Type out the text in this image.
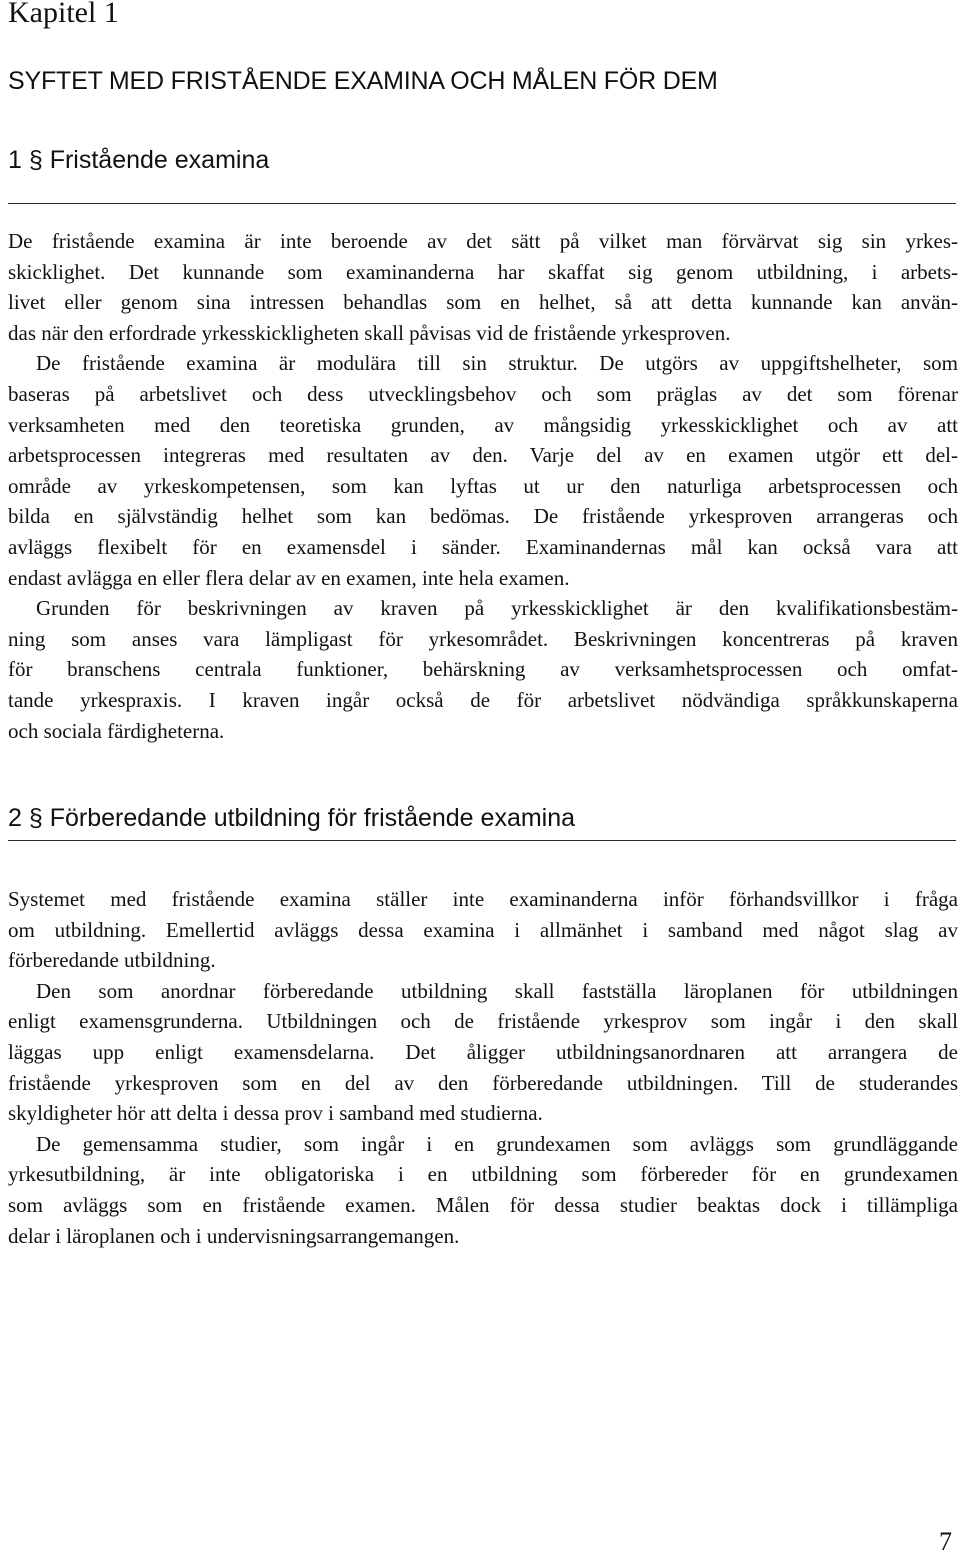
Kapitel 1
SYFTET MED FRISTÅENDE EXAMINA OCH MÅLEN FÖR DEM
1 § Fristående examina
De fristående examina är inte beroende av det sätt på vilket man förvärvat sig sin yrkes-
skicklighet. Det kunnande som examinanderna har skaffat sig genom utbildning, i arbets-
livet eller genom sina intressen behandlas som en helhet, så att detta kunnande kan använ-
das när den erfordrade yrkesskickligheten skall påvisas vid de fristående yrkesproven.
De fristående examina är modulära till sin struktur. De utgörs av uppgiftshelheter, som
baseras på arbetslivet och dess utvecklingsbehov och som präglas av det som förenar
verksamheten med den teoretiska grunden, av mångsidig yrkesskicklighet och av att
arbetsprocessen integreras med resultaten av den. Varje del av en examen utgör ett del-
område av yrkeskompetensen, som kan lyftas ut ur den naturliga arbetsprocessen och
bilda en självständig helhet som kan bedömas. De fristående yrkesproven arrangeras och
avläggs flexibelt för en examensdel i sänder. Examinandernas mål kan också vara att
endast avlägga en eller flera delar av en examen, inte hela examen.
Grunden för beskrivningen av kraven på yrkesskicklighet är den kvalifikationsbestäm-
ning som anses vara lämpligast för yrkesområdet. Beskrivningen koncentreras på kraven
för branschens centrala funktioner, behärskning av verksamhetsprocessen och omfat-
tande yrkespraxis. I kraven ingår också de för arbetslivet nödvändiga språkkunskaperna
och sociala färdigheterna.
2 § Förberedande utbildning för fristående examina
Systemet med fristående examina ställer inte examinanderna inför förhandsvillkor i fråga
om utbildning. Emellertid avläggs dessa examina i allmänhet i samband med något slag av
förberedande utbildning.
Den som anordnar förberedande utbildning skall fastställa läroplanen för utbildningen
enligt examensgrunderna. Utbildningen och de fristående yrkesprov som ingår i den skall
läggas upp enligt examensdelarna. Det åligger utbildningsanordnaren att arrangera de
fristående yrkesproven som en del av den förberedande utbildningen. Till de studerandes
skyldigheter hör att delta i dessa prov i samband med studierna.
De gemensamma studier, som ingår i en grundexamen som avläggs som grundläggande
yrkesutbildning, är inte obligatoriska i en utbildning som förbereder för en grundexamen
som avläggs som en fristående examen. Målen för dessa studier beaktas dock i tillämpliga
delar i läroplanen och i undervisningsarrangemangen.
7
